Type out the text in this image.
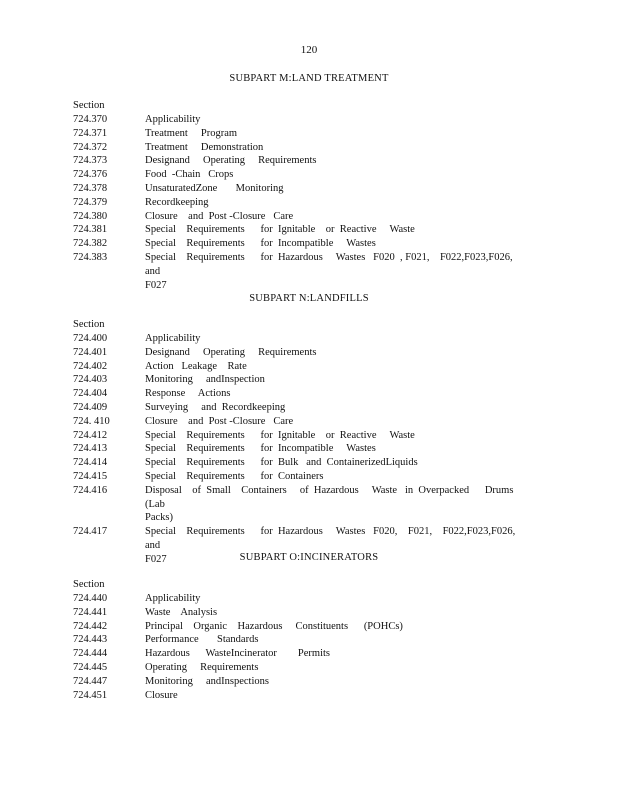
120
SUBPART M:LAND TREATMENT
Section
724.370	Applicability
724.371	Treatment     Program
724.372	Treatment     Demonstration
724.373	Designand     Operating     Requirements
724.376	Food  -Chain   Crops
724.378	UnsaturatedZone       Monitoring
724.379	Recordkeeping
724.380	Closure    and  Post -Closure   Care
724.381	Special    Requirements      for  Ignitable    or  Reactive     Waste
724.382	Special    Requirements      for  Incompatible     Wastes
724.383	Special    Requirements      for  Hazardous     Wastes   F020  , F021,    F022,F023,F026,       and
F027
SUBPART N:LANDFILLS
Section
724.400	Applicability
724.401	Designand     Operating     Requirements
724.402	Action   Leakage    Rate
724.403	Monitoring     andInspection
724.404	Response     Actions
724.409	Surveying     and  Recordkeeping
724. 410	Closure    and  Post -Closure   Care
724.412	Special    Requirements      for  Ignitable    or  Reactive     Waste
724.413	Special    Requirements      for  Incompatible     Wastes
724.414	Special    Requirements      for  Bulk   and  ContainerizedLiquids
724.415	Special    Requirements      for  Containers
724.416	Disposal    of  Small    Containers     of  Hazardous     Waste   in  Overpacked      Drums   (Lab
Packs)
724.417	Special    Requirements      for  Hazardous     Wastes   F020,    F021,    F022,F023,F026,       and
F027	SUBPART O:INCINERATORS
Section
724.440	Applicability
724.441	Waste    Analysis
724.442	Principal    Organic    Hazardous     Constituents      (POHCs)
724.443	Performance       Standards
724.444	Hazardous      WasteIncinerator        Permits
724.445	Operating     Requirements
724.447	Monitoring     andInspections
724.451	Closure
